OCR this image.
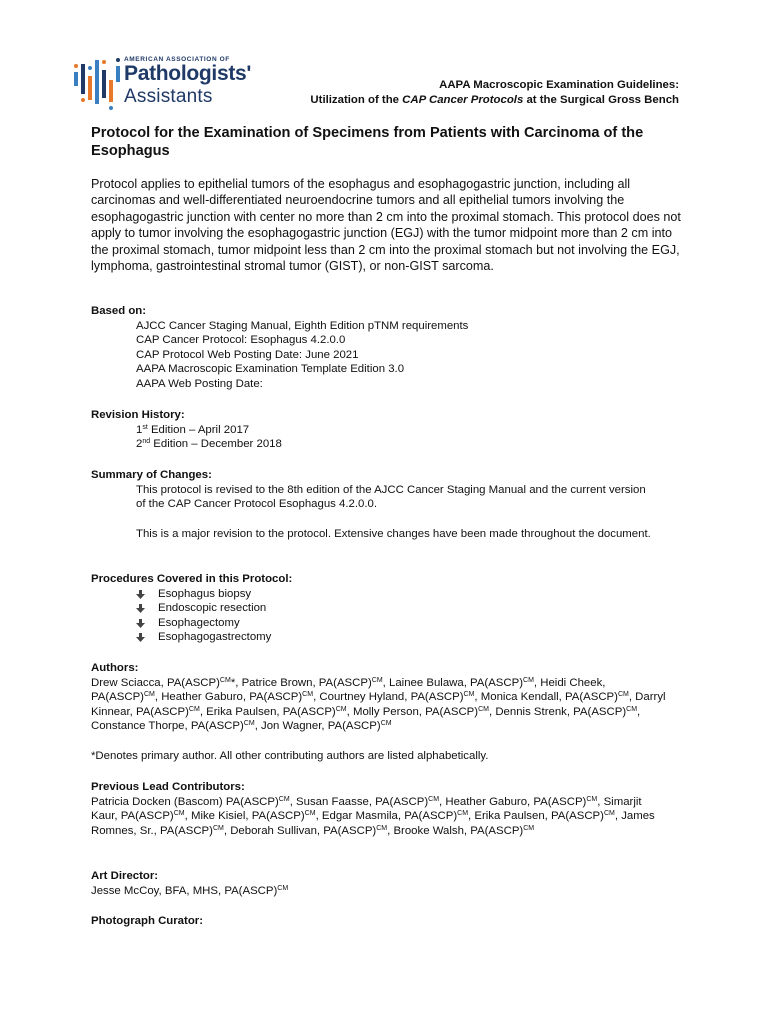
AMERICAN ASSOCIATION OF
Pathologists'
Assistants
AAPA Macroscopic Examination Guidelines:
Utilization of the CAP Cancer Protocols at the Surgical Gross Bench
Protocol for the Examination of Specimens from Patients with Carcinoma of the Esophagus
Protocol applies to epithelial tumors of the esophagus and esophagogastric junction, including all carcinomas and well-differentiated neuroendocrine tumors and all epithelial tumors involving the esophagogastric junction with center no more than 2 cm into the proximal stomach. This protocol does not apply to tumor involving the esophagogastric junction (EGJ) with the tumor midpoint more than 2 cm into the proximal stomach, tumor midpoint less than 2 cm into the proximal stomach but not involving the EGJ, lymphoma, gastrointestinal stromal tumor (GIST), or non-GIST sarcoma.
Based on:
AJCC Cancer Staging Manual, Eighth Edition pTNM requirements
CAP Cancer Protocol: Esophagus 4.2.0.0
CAP Protocol Web Posting Date: June 2021
AAPA Macroscopic Examination Template Edition 3.0
AAPA Web Posting Date:
Revision History:
1st Edition – April 2017
2nd Edition – December 2018
Summary of Changes:
This protocol is revised to the 8th edition of the AJCC Cancer Staging Manual and the current version of the CAP Cancer Protocol Esophagus 4.2.0.0.
This is a major revision to the protocol. Extensive changes have been made throughout the document.
Procedures Covered in this Protocol:
Esophagus biopsy
Endoscopic resection
Esophagectomy
Esophagogastrectomy
Authors:
Drew Sciacca, PA(ASCP)$^{CM}$*, Patrice Brown, PA(ASCP)$^{CM}$, Lainee Bulawa, PA(ASCP)$^{CM}$, Heidi Cheek, PA(ASCP)$^{CM}$, Heather Gaburo, PA(ASCP)$^{CM}$, Courtney Hyland, PA(ASCP)$^{CM}$, Monica Kendall, PA(ASCP)$^{CM}$, Darryl Kinnear, PA(ASCP)$^{CM}$, Erika Paulsen, PA(ASCP)$^{CM}$, Molly Person, PA(ASCP)$^{CM}$, Dennis Strenk, PA(ASCP)$^{CM}$, Constance Thorpe, PA(ASCP)$^{CM}$, Jon Wagner, PA(ASCP)$^{CM}$
*Denotes primary author. All other contributing authors are listed alphabetically.
Previous Lead Contributors:
Patricia Docken (Bascom) PA(ASCP)$^{CM}$, Susan Faasse, PA(ASCP)$^{CM}$, Heather Gaburo, PA(ASCP)$^{CM}$, Simarjit Kaur, PA(ASCP)$^{CM}$, Mike Kisiel, PA(ASCP)$^{CM}$, Edgar Masmila, PA(ASCP)$^{CM}$, Erika Paulsen, PA(ASCP)$^{CM}$, James Romnes, Sr., PA(ASCP)$^{CM}$, Deborah Sullivan, PA(ASCP)$^{CM}$, Brooke Walsh, PA(ASCP)$^{CM}$
Art Director:
Jesse McCoy, BFA, MHS, PA(ASCP)$^{CM}$
Photograph Curator:
